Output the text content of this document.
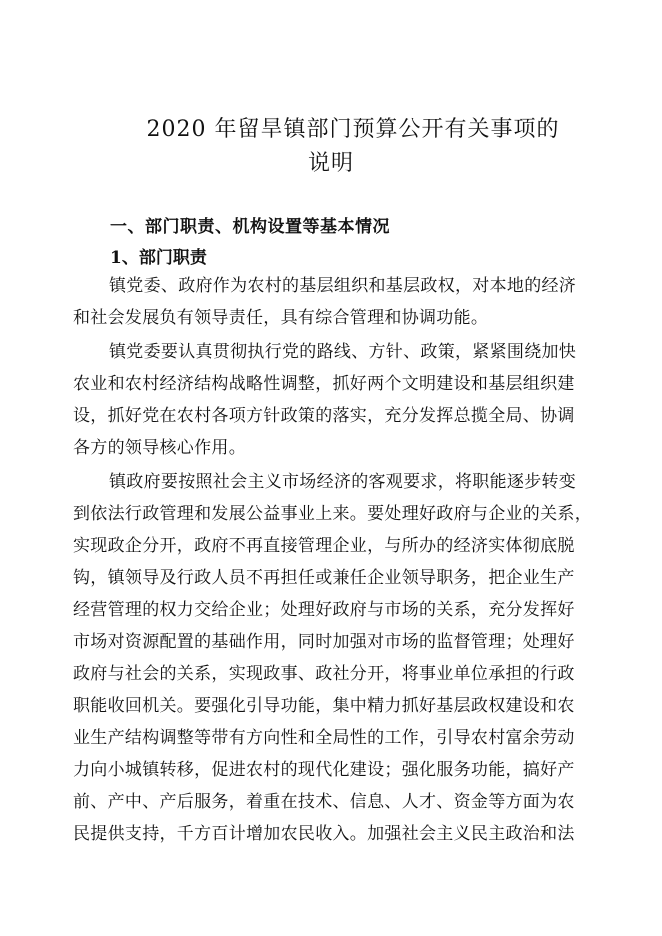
2020 年留旱镇部门预算公开有关事项的
说明
一、部门职责、机构设置等基本情况
1、部门职责

镇党委、政府作为农村的基层组织和基层政权，对本地的经济
和社会发展负有领导责任，具有综合管理和协调功能。

镇党委要认真贯彻执行党的路线、方针、政策，紧紧围绕加快
农业和农村经济结构战略性调整，抓好两个文明建设和基层组织建
设，抓好党在农村各项方针政策的落实，充分发挥总揽全局、协调
各方的领导核心作用。

镇政府要按照社会主义市场经济的客观要求，将职能逐步转变
到依法行政管理和发展公益事业上来。要处理好政府与企业的关系，
实现政企分开，政府不再直接管理企业，与所办的经济实体彻底脱
钩，镇领导及行政人员不再担任或兼任企业领导职务，把企业生产
经营管理的权力交给企业；处理好政府与市场的关系，充分发挥好
市场对资源配置的基础作用，同时加强对市场的监督管理；处理好
政府与社会的关系，实现政事、政社分开，将事业单位承担的行政
职能收回机关。要强化引导功能，集中精力抓好基层政权建设和农
业生产结构调整等带有方向性和全局性的工作，引导农村富余劳动
力向小城镇转移，促进农村的现代化建设；强化服务功能，搞好产
前、产中、产后服务，着重在技术、信息、人才、资金等方面为农
民提供支持，千方百计增加农民收入。加强社会主义民主政治和法
